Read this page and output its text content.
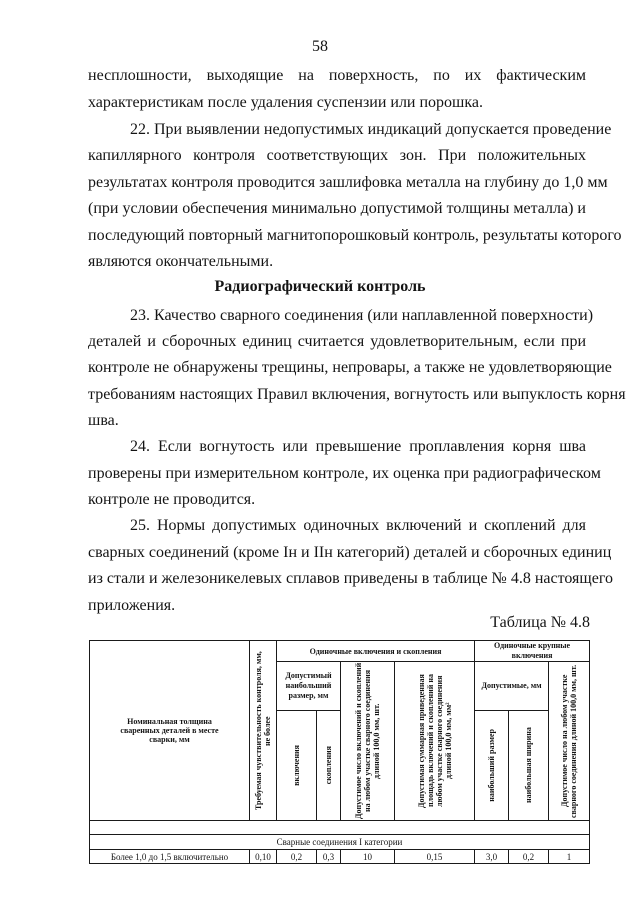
58
несплошности, выходящие на поверхность, по их фактическим
характеристикам после удаления суспензии или порошка.
22. При выявлении недопустимых индикаций допускается проведение
капиллярного контроля соответствующих зон. При положительных
результатах контроля проводится зашлифовка металла на глубину до 1,0 мм
(при условии обеспечения минимально допустимой толщины металла) и
последующий повторный магнитопорошковый контроль, результаты которого
являются окончательными.
Радиографический контроль
23. Качество сварного соединения (или наплавленной поверхности)
деталей и сборочных единиц считается удовлетворительным, если при
контроле не обнаружены трещины, непровары, а также не удовлетворяющие
требованиям настоящих Правил включения, вогнутость или выпуклость корня
шва.
24. Если вогнутость или превышение проплавления корня шва
проверены при измерительном контроле, их оценка при радиографическом
контроле не проводится.
25. Нормы допустимых одиночных включений и скоплений для
сварных соединений (кроме Iн и IIн категорий) деталей и сборочных единиц
из стали и железоникелевых сплавов приведены в таблице № 4.8 настоящего
приложения.
Таблица № 4.8
Номинальная толщина сваренных деталей в месте сварки, мм	Требуемая чувствительность контроля, мм, не более	Одиночные включения и скопления				Одиночные крупные включения		
		Допустимый наибольший размер, мм		Допустимое число включений и скоплений на любом участке сварного соединения длиной 100,0 мм, шт.	Допустимая суммарная приведенная площадь включений и скоплений на любом участке сварного соединения длиной 100,0 мм, мм²	Допустимые, мм		Допустимое число на любом участке сварного соединения длиной 100,0 мм, шт.

		включения	скопления			наибольший размер	наибольшая ширина	

Сварные соединения I категории								
Более 1,0 до 1,5 включительно	0,10	0,2	0,3	10	0,15	3,0	0,2	1
